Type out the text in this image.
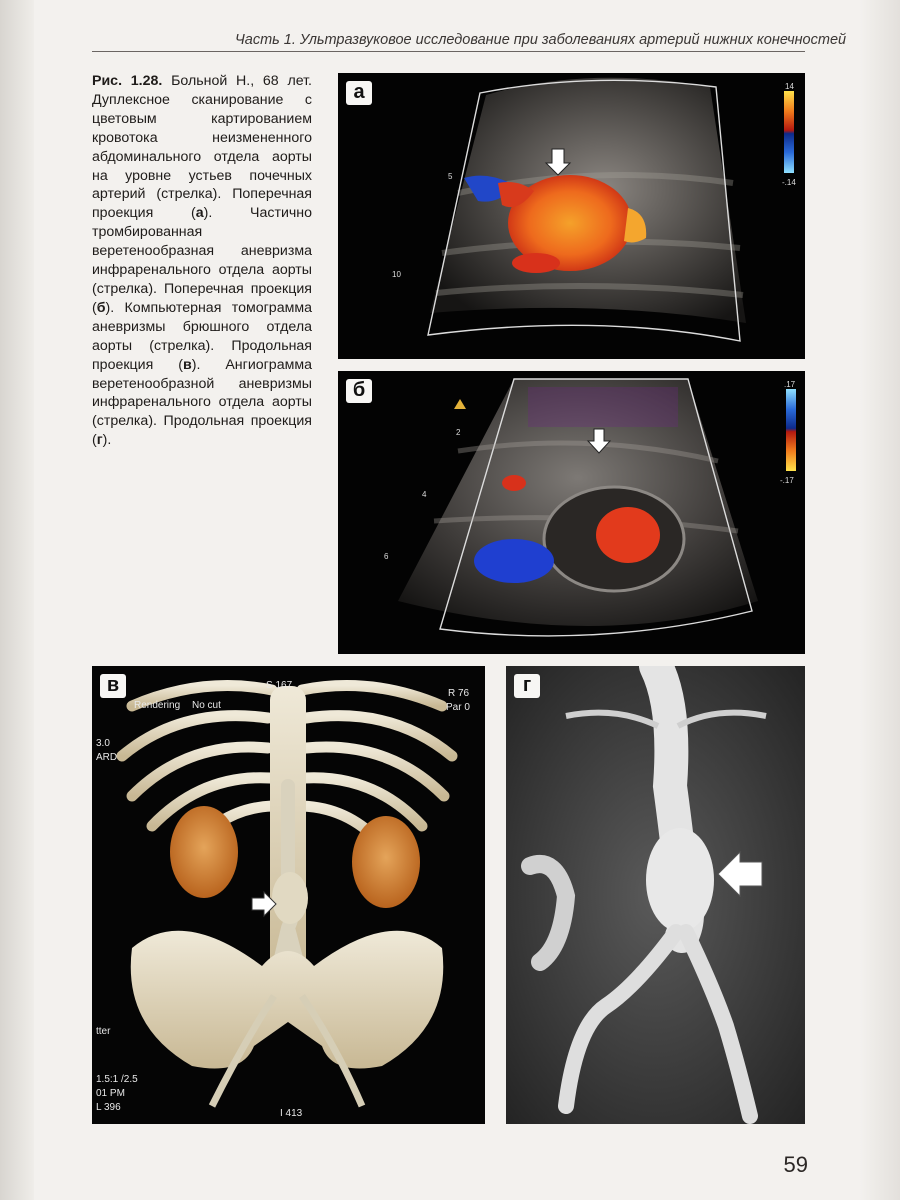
Часть 1. Ультразвуковое исследование при заболеваниях артерий нижних конечностей
Рис. 1.28. Больной Н., 68 лет. Дуплексное сканирование с цветовым картированием кровотока неизмененного абдоминального отдела аорты на уровне устьев почечных артерий (стрелка). Поперечная проекция (а). Частично тромбированная веретенообразная аневризма инфраренального отдела аорты (стрелка). Поперечная проекция (б). Компьютерная томограмма аневризмы брюшного отдела аорты (стрелка). Продольная проекция (в). Ангиограмма веретенообразной аневризмы инфраренального отдела аорты (стрелка). Продольная проекция (г).
14
-.14
5
10
а
.17
-.17
2
4
6
б
Rendering No cut
S 167
R 76
Par 0
3.0
ARD
tter
1.5:1 /2.5
01 PM
I 413
L 396
в	г
59
